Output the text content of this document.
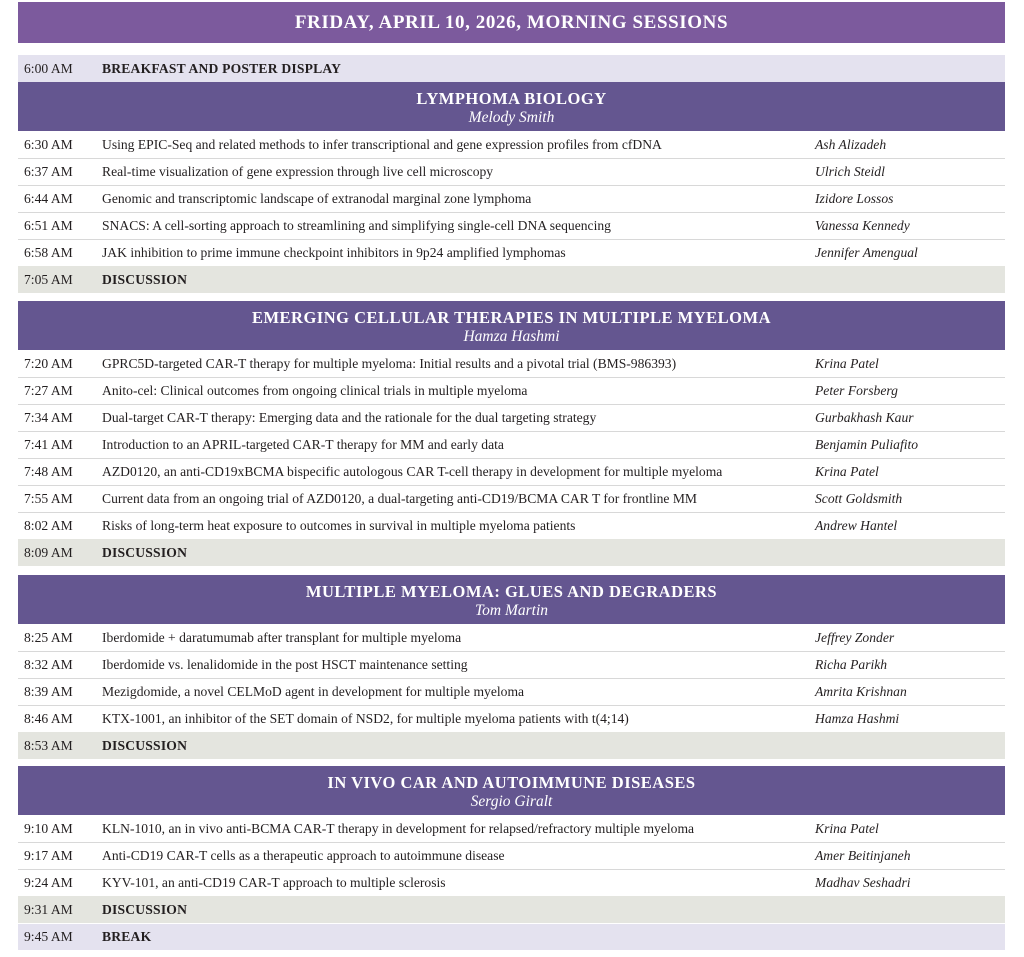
FRIDAY, APRIL 10, 2026, MORNING SESSIONS
6:00 AM	BREAKFAST AND POSTER DISPLAY
LYMPHOMA BIOLOGY
Melody Smith
6:30 AM	Using EPIC-Seq and related methods to infer transcriptional and gene expression profiles from cfDNA	Ash Alizadeh
6:37 AM	Real-time visualization of gene expression through live cell microscopy	Ulrich Steidl
6:44 AM	Genomic and transcriptomic landscape of extranodal marginal zone lymphoma	Izidore Lossos
6:51 AM	SNACS: A cell-sorting approach to streamlining and simplifying single-cell DNA sequencing	Vanessa Kennedy
6:58 AM	JAK inhibition to prime immune checkpoint inhibitors in 9p24 amplified lymphomas	Jennifer Amengual
7:05 AM	DISCUSSION
EMERGING CELLULAR THERAPIES IN MULTIPLE MYELOMA
Hamza Hashmi
7:20 AM	GPRC5D-targeted CAR-T therapy for multiple myeloma: Initial results and a pivotal trial (BMS-986393)	Krina Patel
7:27 AM	Anito-cel: Clinical outcomes from ongoing clinical trials in multiple myeloma	Peter Forsberg
7:34 AM	Dual-target CAR-T therapy: Emerging data and the rationale for the dual targeting strategy	Gurbakhash Kaur
7:41 AM	Introduction to an APRIL-targeted CAR-T therapy for MM and early data	Benjamin Puliafito
7:48 AM	AZD0120, an anti-CD19xBCMA bispecific autologous CAR T-cell therapy in development for multiple myeloma	Krina Patel
7:55 AM	Current data from an ongoing trial of AZD0120, a dual-targeting anti-CD19/BCMA CAR T for frontline MM	Scott Goldsmith
8:02 AM	Risks of long-term heat exposure to outcomes in survival in multiple myeloma patients	Andrew Hantel
8:09 AM	DISCUSSION
MULTIPLE MYELOMA: GLUES AND DEGRADERS
Tom Martin
8:25 AM	Iberdomide + daratumumab after transplant for multiple myeloma	Jeffrey Zonder
8:32 AM	Iberdomide vs. lenalidomide in the post HSCT maintenance setting	Richa Parikh
8:39 AM	Mezigdomide, a novel CELMoD agent in development for multiple myeloma	Amrita Krishnan
8:46 AM	KTX-1001, an inhibitor of the SET domain of NSD2, for multiple myeloma patients with t(4;14)	Hamza Hashmi
8:53 AM	DISCUSSION
IN VIVO CAR AND AUTOIMMUNE DISEASES
Sergio Giralt
9:10 AM	KLN-1010, an in vivo anti-BCMA CAR-T therapy in development for relapsed/refractory multiple myeloma	Krina Patel
9:17 AM	Anti-CD19 CAR-T cells as a therapeutic approach to autoimmune disease	Amer Beitinjaneh
9:24 AM	KYV-101, an anti-CD19 CAR-T approach to multiple sclerosis	Madhav Seshadri
9:31 AM	DISCUSSION
9:45 AM	BREAK
